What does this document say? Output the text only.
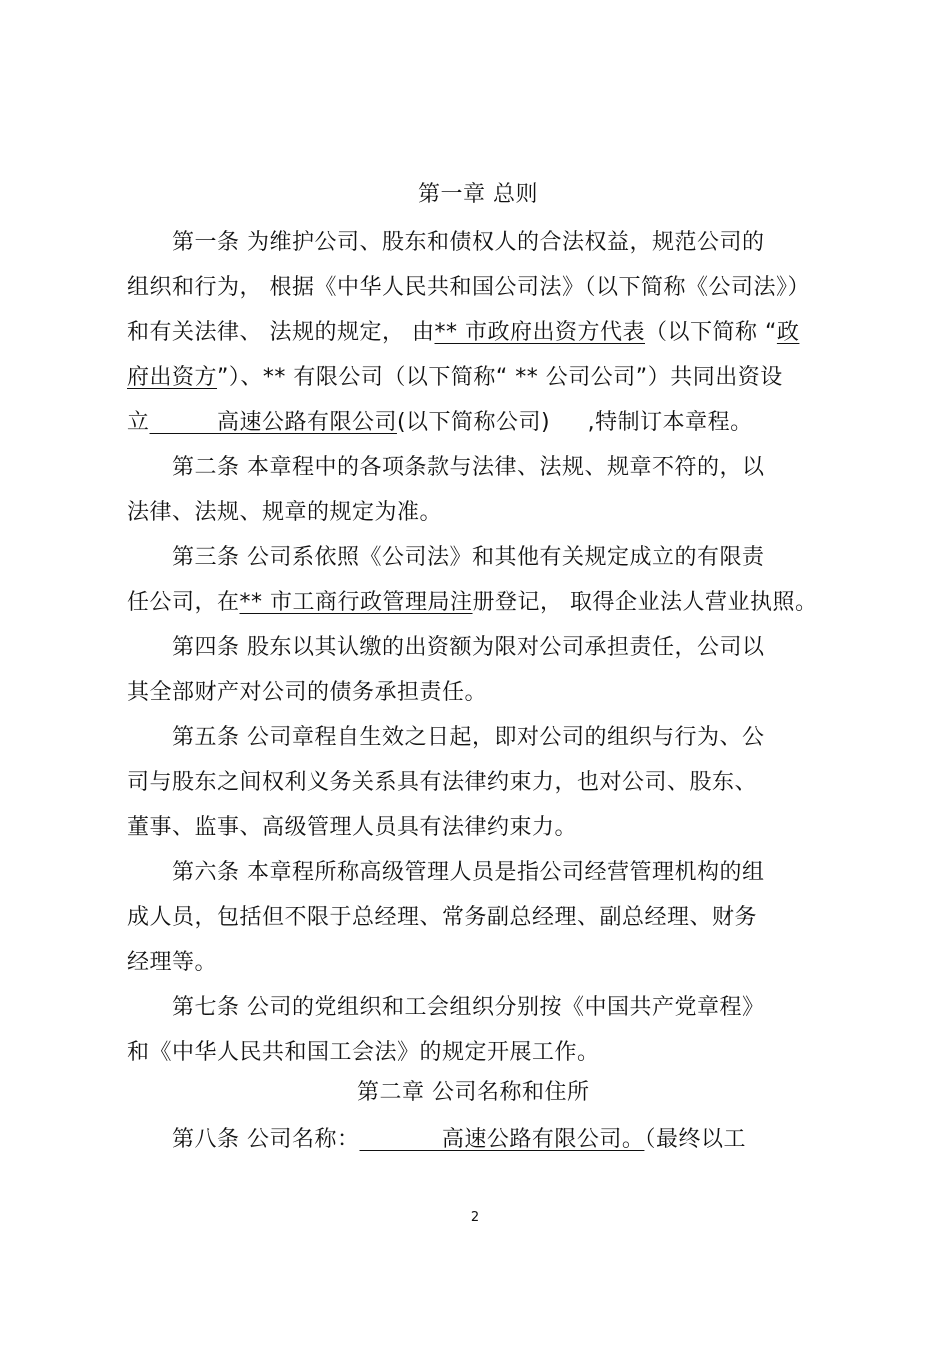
第一章 总则
第一条 为维护公司、股东和债权人的合法权益，规范公司的
组织和行为， 根据《中华人民共和国公司法》（以下简称《公司法》）
和有关法律、 法规的规定， 由** 市政府出资方代表（以下简称 “政
府出资方”）、** 有限公司（以下简称“ ** 公司公司”）共同出资设
立         高速公路有限公司(以下简称公司)     ,特制订本章程。
第二条 本章程中的各项条款与法律、法规、规章不符的，以
法律、法规、规章的规定为准。
第三条 公司系依照《公司法》和其他有关规定成立的有限责
任公司，在** 市工商行政管理局注册登记， 取得企业法人营业执照。
第四条 股东以其认缴的出资额为限对公司承担责任，公司以
其全部财产对公司的债务承担责任。
第五条 公司章程自生效之日起，即对公司的组织与行为、公
司与股东之间权利义务关系具有法律约束力，也对公司、股东、
董事、监事、高级管理人员具有法律约束力。
第六条 本章程所称高级管理人员是指公司经营管理机构的组
成人员，包括但不限于总经理、常务副总经理、副总经理、财务
经理等。
第七条 公司的党组织和工会组织分别按《中国共产党章程》
和《中华人民共和国工会法》的规定开展工作。
第二章 公司名称和住所
第八条 公司名称：           高速公路有限公司。（最终以工
2
